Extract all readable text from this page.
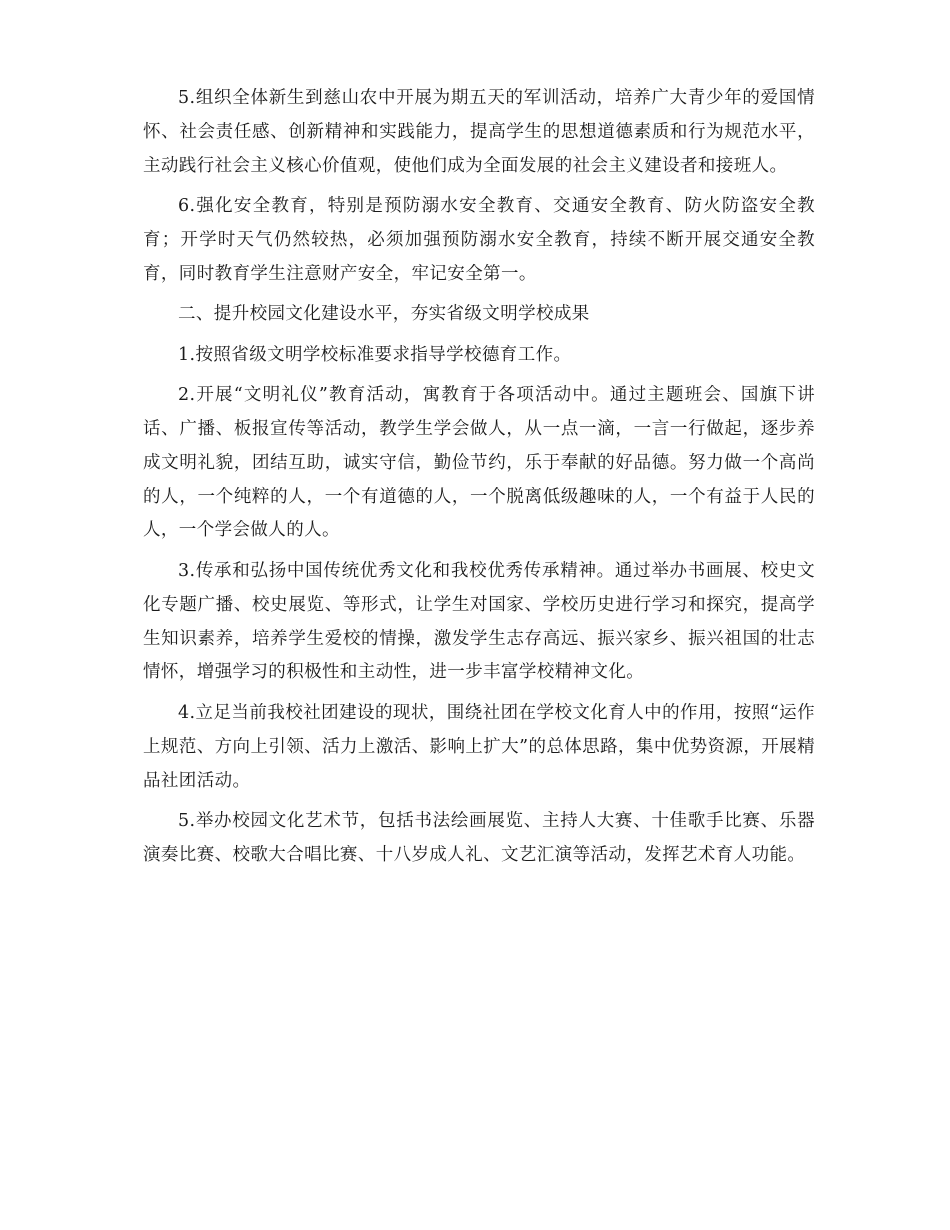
5.组织全体新生到慈山农中开展为期五天的军训活动，培养广大青少年的爱国情怀、社会责任感、创新精神和实践能力，提高学生的思想道德素质和行为规范水平，主动践行社会主义核心价值观，使他们成为全面发展的社会主义建设者和接班人。

6.强化安全教育，特别是预防溺水安全教育、交通安全教育、防火防盗安全教育；开学时天气仍然较热，必须加强预防溺水安全教育，持续不断开展交通安全教育，同时教育学生注意财产安全，牢记安全第一。

二、提升校园文化建设水平，夯实省级文明学校成果

1.按照省级文明学校标准要求指导学校德育工作。

2.开展“文明礼仪”教育活动，寓教育于各项活动中。通过主题班会、国旗下讲话、广播、板报宣传等活动，教学生学会做人，从一点一滴，一言一行做起，逐步养成文明礼貌，团结互助，诚实守信，勤俭节约，乐于奉献的好品德。努力做一个高尚的人，一个纯粹的人，一个有道德的人，一个脱离低级趣味的人，一个有益于人民的人，一个学会做人的人。

3.传承和弘扬中国传统优秀文化和我校优秀传承精神。通过举办书画展、校史文化专题广播、校史展览、等形式，让学生对国家、学校历史进行学习和探究，提高学生知识素养，培养学生爱校的情操，激发学生志存高远、振兴家乡、振兴祖国的壮志情怀，增强学习的积极性和主动性，进一步丰富学校精神文化。

4.立足当前我校社团建设的现状，围绕社团在学校文化育人中的作用，按照“运作上规范、方向上引领、活力上激活、影响上扩大”的总体思路，集中优势资源，开展精品社团活动。

5.举办校园文化艺术节，包括书法绘画展览、主持人大赛、十佳歌手比赛、乐器演奏比赛、校歌大合唱比赛、十八岁成人礼、文艺汇演等活动，发挥艺术育人功能。
